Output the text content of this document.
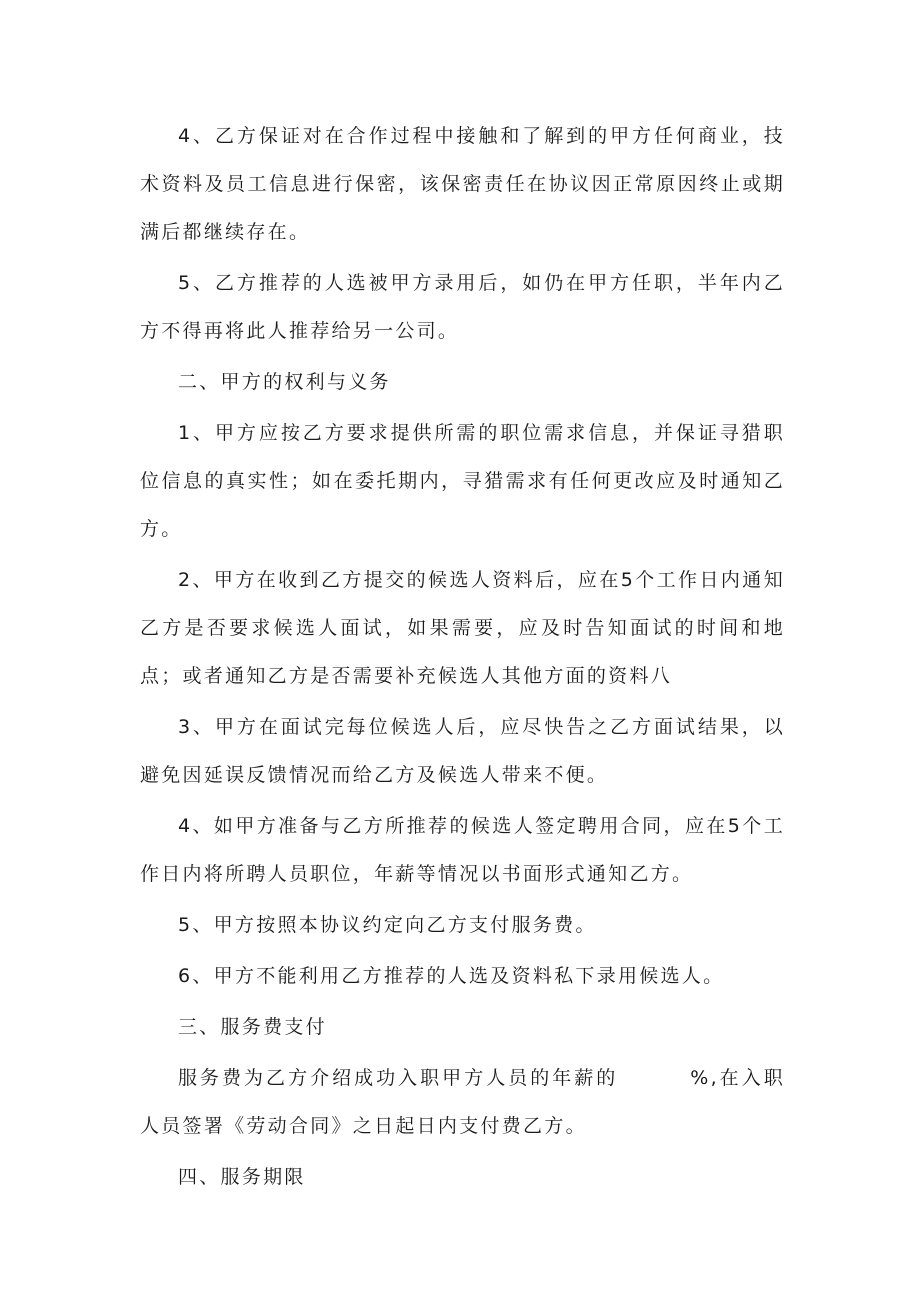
4、乙方保证对在合作过程中接触和了解到的甲方任何商业，技术资料及员工信息进行保密，该保密责任在协议因正常原因终止或期满后都继续存在。

5、乙方推荐的人选被甲方录用后，如仍在甲方任职，半年内乙方不得再将此人推荐给另一公司。

二、甲方的权利与义务

1、甲方应按乙方要求提供所需的职位需求信息，并保证寻猎职位信息的真实性；如在委托期内，寻猎需求有任何更改应及时通知乙方。

2、甲方在收到乙方提交的候选人资料后，应在5个工作日内通知乙方是否要求候选人面试，如果需要，应及时告知面试的时间和地点；或者通知乙方是否需要补充候选人其他方面的资料八

3、甲方在面试完每位候选人后，应尽快告之乙方面试结果，以避免因延误反馈情况而给乙方及候选人带来不便。

4、如甲方准备与乙方所推荐的候选人签定聘用合同，应在5个工作日内将所聘人员职位，年薪等情况以书面形式通知乙方。

5、甲方按照本协议约定向乙方支付服务费。

6、甲方不能利用乙方推荐的人选及资料私下录用候选人。

三、服务费支付

服务费为乙方介绍成功入职甲方人员的年薪的	%,在入职人员签署《劳动合同》之日起日内支付费乙方。

四、服务期限
